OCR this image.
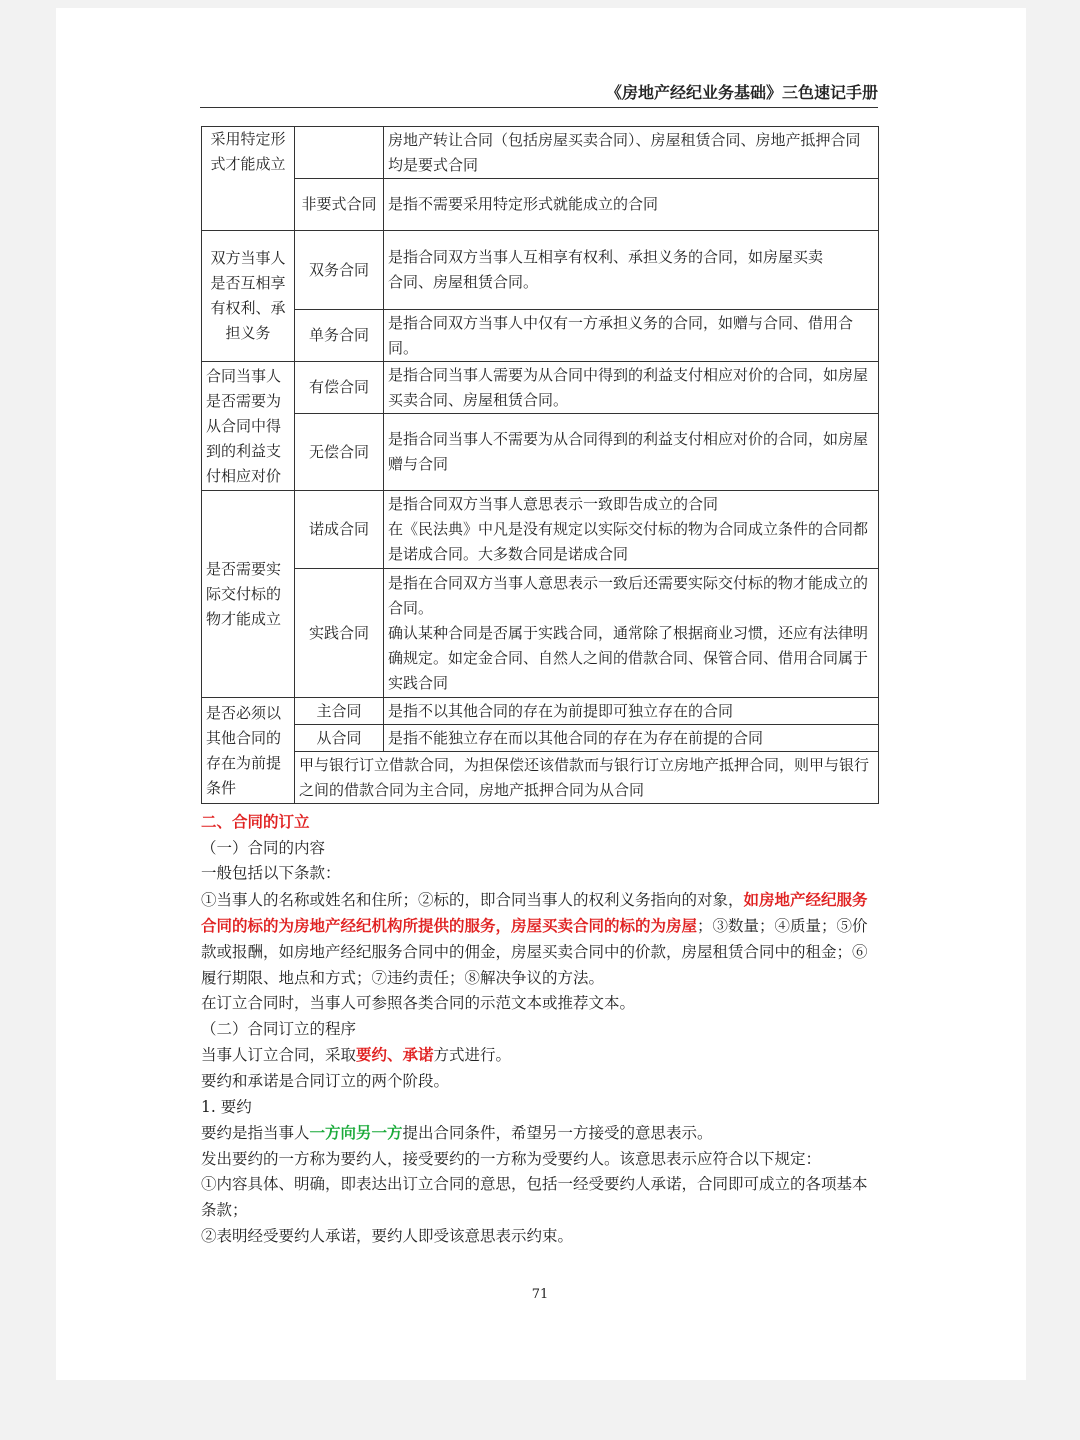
《房地产经纪业务基础》三色速记手册
采用特定形式才能成立		房地产转让合同（包括房屋买卖合同）、房屋租赁合同、房地产抵押合同均是要式合同
	非要式合同	是指不需要采用特定形式就能成立的合同
双方当事人是否互相享有权利、承担义务	双务合同	是指合同双方当事人互相享有权利、承担义务的合同，如房屋买卖
合同、房屋租赁合同。

	单务合同	是指合同双方当事人中仅有一方承担义务的合同，如赠与合同、借用合同。
合同当事人是否需要为从合同中得到的利益支付相应对价	有偿合同	是指合同当事人需要为从合同中得到的利益支付相应对价的合同，如房屋买卖合同、房屋租赁合同。
	无偿合同	是指合同当事人不需要为从合同得到的利益支付相应对价的合同，如房屋赠与合同
是否需要实际交付标的物才能成立	诺成合同	是指合同双方当事人意思表示一致即告成立的合同
在《民法典》中凡是没有规定以实际交付标的物为合同成立条件的合同都是诺成合同。大多数合同是诺成合同

	实践合同	是指在合同双方当事人意思表示一致后还需要实际交付标的物才能成立的合同。
确认某种合同是否属于实践合同，通常除了根据商业习惯，还应有法律明确规定。如定金合同、自然人之间的借款合同、保管合同、借用合同属于实践合同

是否必须以其他合同的存在为前提条件	主合同	是指不以其他合同的存在为前提即可独立存在的合同
	从合同	是指不能独立存在而以其他合同的存在为存在前提的合同
	甲与银行订立借款合同，为担保偿还该借款而与银行订立房地产抵押合同，则甲与银行之间的借款合同为主合同，房地产抵押合同为从合同	

二、合同的订立

（一）合同的内容

一般包括以下条款：

①当事人的名称或姓名和住所；②标的，即合同当事人的权利义务指向的对象，如房地产经纪服务合同的标的为房地产经纪机构所提供的服务，房屋买卖合同的标的为房屋；③数量；④质量；⑤价款或报酬，如房地产经纪服务合同中的佣金，房屋买卖合同中的价款，房屋租赁合同中的租金；⑥履行期限、地点和方式；⑦违约责任；⑧解决争议的方法。

在订立合同时，当事人可参照各类合同的示范文本或推荐文本。

（二）合同订立的程序

当事人订立合同，采取要约、承诺方式进行。

要约和承诺是合同订立的两个阶段。

1. 要约

要约是指当事人一方向另一方提出合同条件，希望另一方接受的意思表示。

发出要约的一方称为要约人，接受要约的一方称为受要约人。该意思表示应符合以下规定：

①内容具体、明确，即表达出订立合同的意思，包括一经受要约人承诺，合同即可成立的各项基本条款；

②表明经受要约人承诺，要约人即受该意思表示约束。

71
